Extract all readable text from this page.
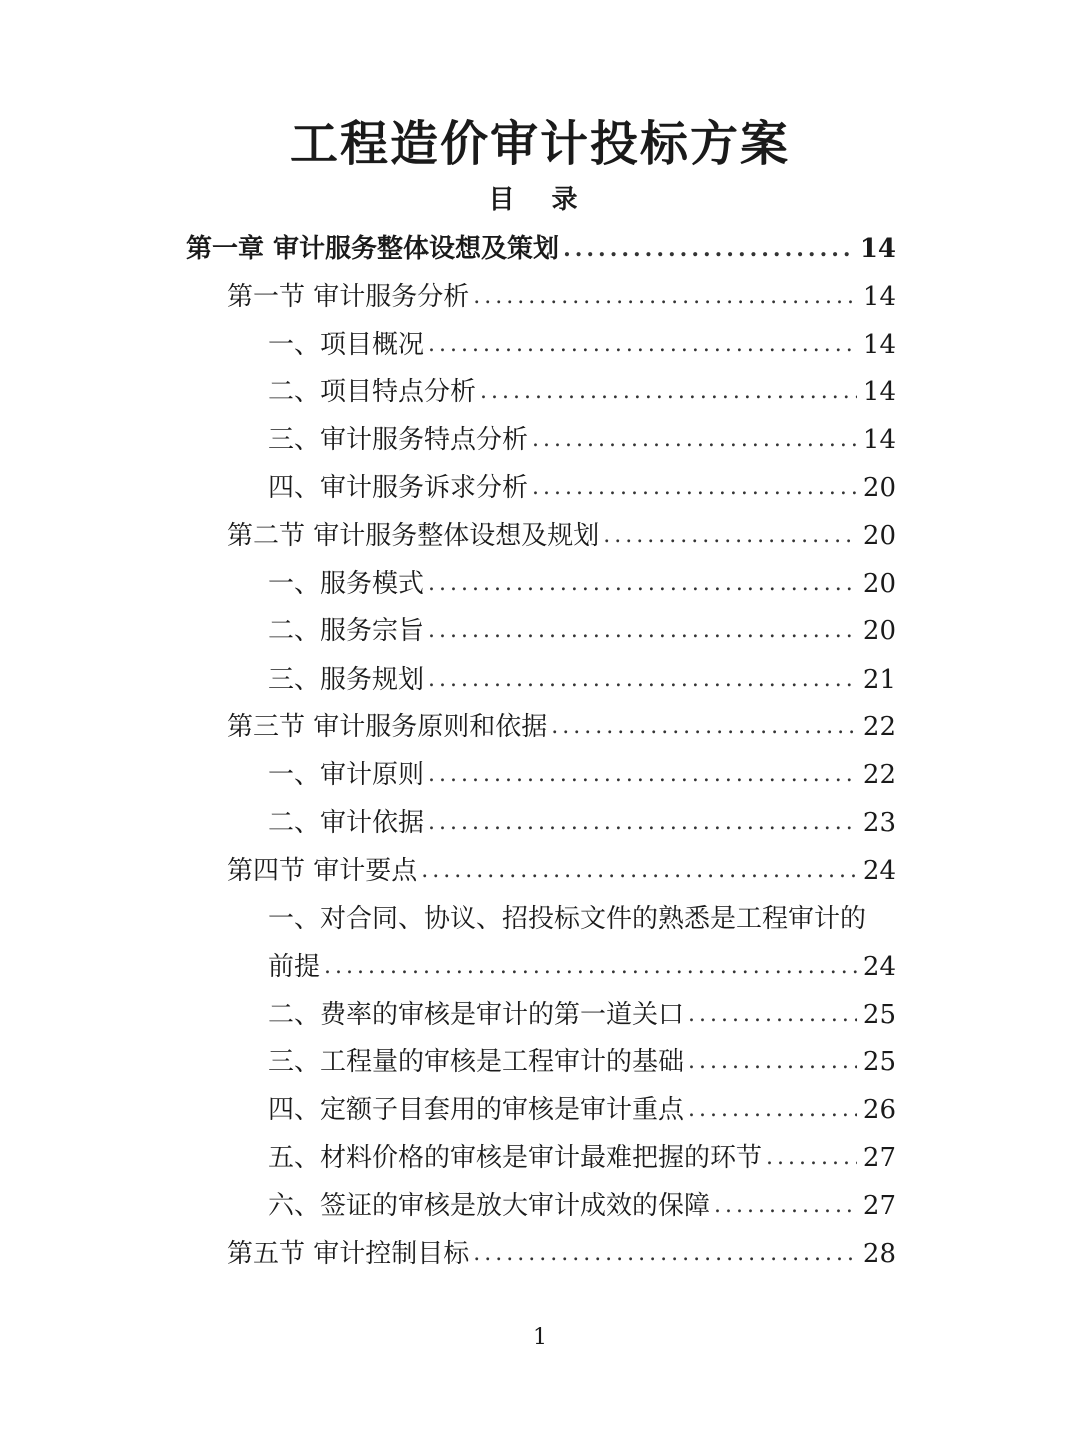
工程造价审计投标方案
目 录
第一章 审计服务整体设想及策划 .....	14
第一节 审计服务分析 .....	14
一、项目概况 .....	14
二、项目特点分析 .....	14
三、审计服务特点分析 .....	14
四、审计服务诉求分析 .....	20
第二节 审计服务整体设想及规划 .....	20
一、服务模式 .....	20
二、服务宗旨 .....	20
三、服务规划 .....	21
第三节 审计服务原则和依据 .....	22
一、审计原则 .....	22
二、审计依据 .....	23
第四节 审计要点 .....	24
一、对合同、协议、招投标文件的熟悉是工程审计的
前提 .....	24
二、费率的审核是审计的第一道关口 .....	25
三、工程量的审核是工程审计的基础 .....	25
四、定额子目套用的审核是审计重点 .....	26
五、材料价格的审核是审计最难把握的环节 .....	27
六、签证的审核是放大审计成效的保障 .....	27
第五节 审计控制目标 .....	28
1
